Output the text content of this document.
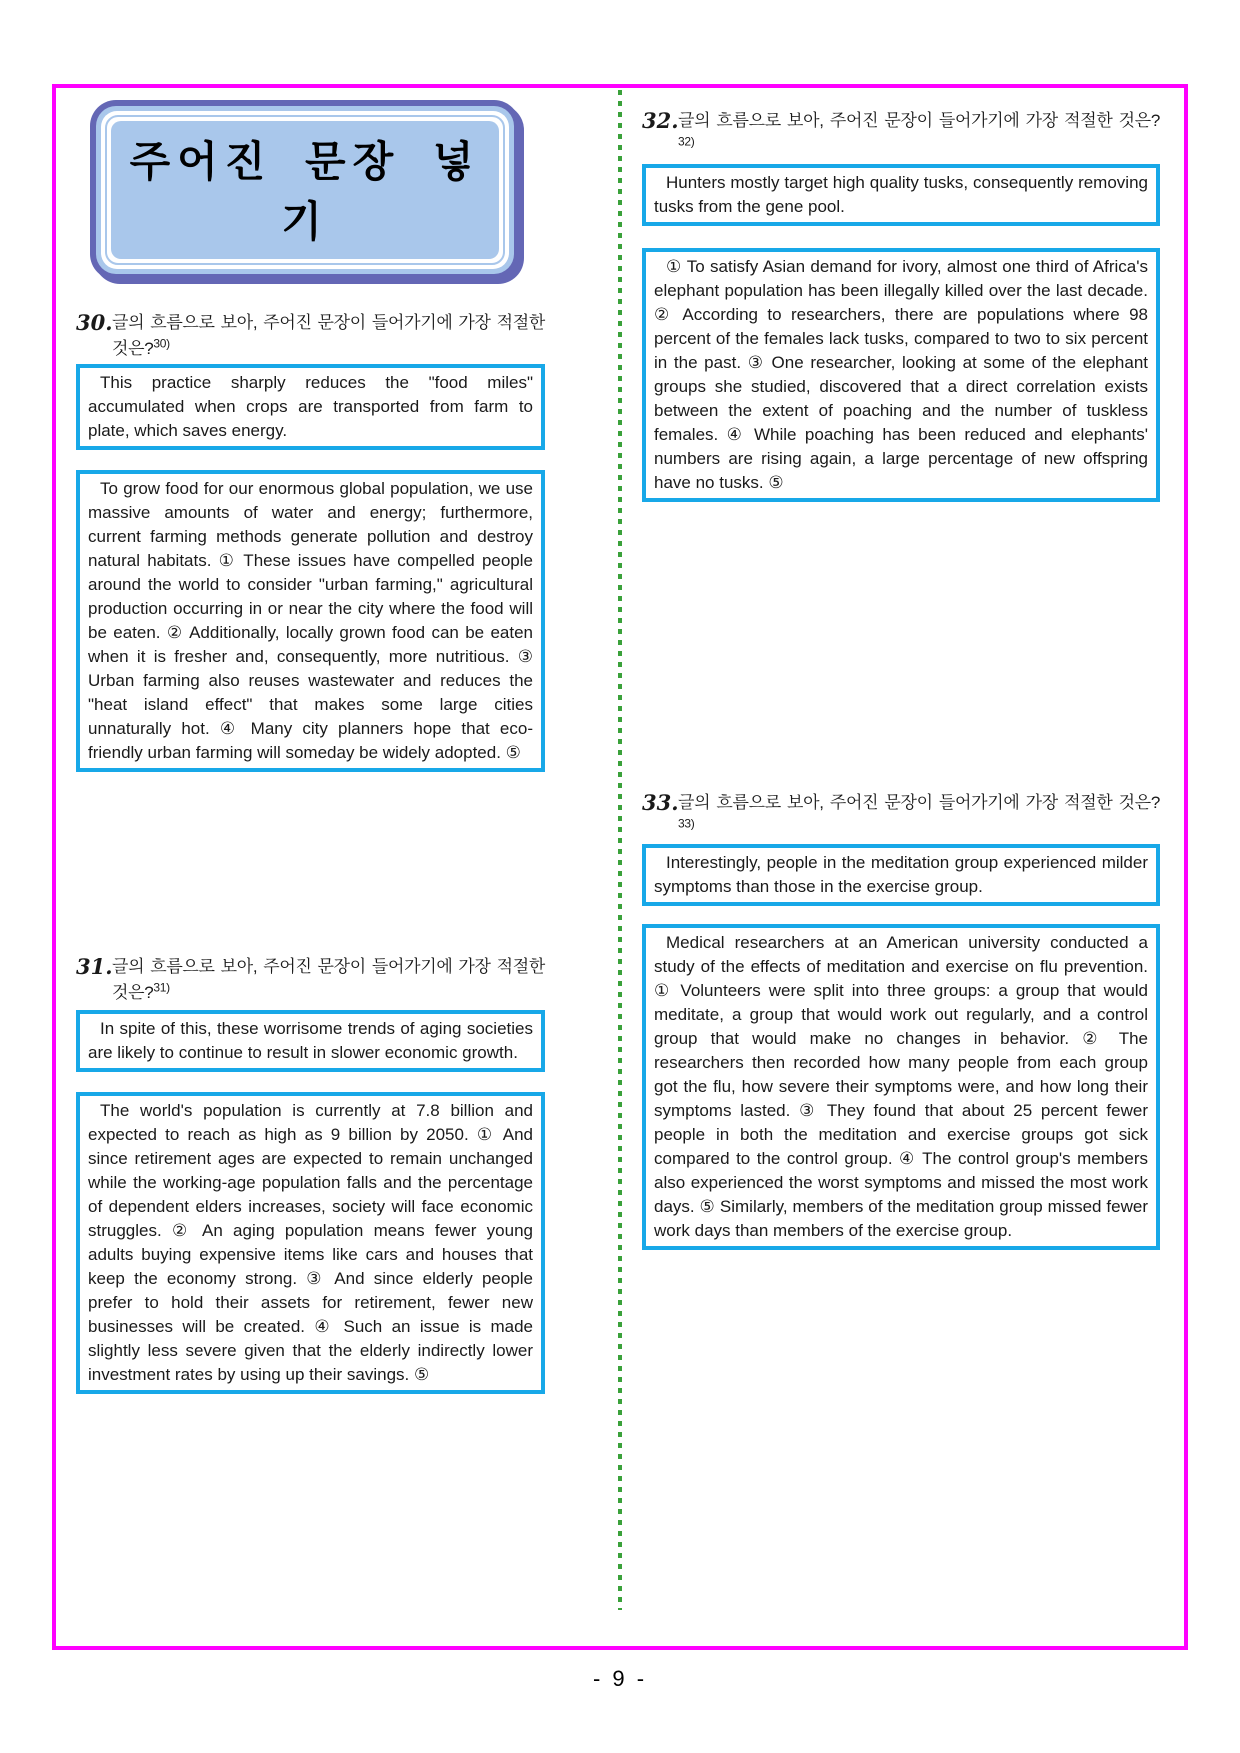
주어진 문장 넣기
30. 글의 흐름으로 보아, 주어진 문장이 들어가기에 가장 적절한 것은?$^{30)}$

This practice sharply reduces the "food miles" accumulated when crops are transported from farm to plate, which saves energy.

To grow food for our enormous global population, we use massive amounts of water and energy; furthermore, current farming methods generate pollution and destroy natural habitats. ① These issues have compelled people around the world to consider "urban farming," agricultural production occurring in or near the city where the food will be eaten. ② Additionally, locally grown food can be eaten when it is fresher and, consequently, more nutritious. ③ Urban farming also reuses wastewater and reduces the "heat island effect" that makes some large cities unnaturally hot. ④ Many city planners hope that eco-friendly urban farming will someday be widely adopted. ⑤

31. 글의 흐름으로 보아, 주어진 문장이 들어가기에 가장 적절한 것은?$^{31)}$

In spite of this, these worrisome trends of aging societies are likely to continue to result in slower economic growth.

The world's population is currently at 7.8 billion and expected to reach as high as 9 billion by 2050. ① And since retirement ages are expected to remain unchanged while the working-age population falls and the percentage of dependent elders increases, society will face economic struggles. ② An aging population means fewer young adults buying expensive items like cars and houses that keep the economy strong. ③ And since elderly people prefer to hold their assets for retirement, fewer new businesses will be created. ④ Such an issue is made slightly less severe given that the elderly indirectly lower investment rates by using up their savings. ⑤

32. 글의 흐름으로 보아, 주어진 문장이 들어가기에 가장 적절한 것은?$^{32)}$

Hunters mostly target high quality tusks, consequently removing tusks from the gene pool.

① To satisfy Asian demand for ivory, almost one third of Africa's elephant population has been illegally killed over the last decade. ② According to researchers, there are populations where 98 percent of the females lack tusks, compared to two to six percent in the past. ③ One researcher, looking at some of the elephant groups she studied, discovered that a direct correlation exists between the extent of poaching and the number of tuskless females. ④ While poaching has been reduced and elephants' numbers are rising again, a large percentage of new offspring have no tusks. ⑤

33. 글의 흐름으로 보아, 주어진 문장이 들어가기에 가장 적절한 것은?$^{33)}$

Interestingly, people in the meditation group experienced milder symptoms than those in the exercise group.

Medical researchers at an American university conducted a study of the effects of meditation and exercise on flu prevention. ① Volunteers were split into three groups: a group that would meditate, a group that would work out regularly, and a control group that would make no changes in behavior. ② The researchers then recorded how many people from each group got the flu, how severe their symptoms were, and how long their symptoms lasted. ③ They found that about 25 percent fewer people in both the meditation and exercise groups got sick compared to the control group. ④ The control group's members also experienced the worst symptoms and missed the most work days. ⑤ Similarly, members of the meditation group missed fewer work days than members of the exercise group.

- 9 -
